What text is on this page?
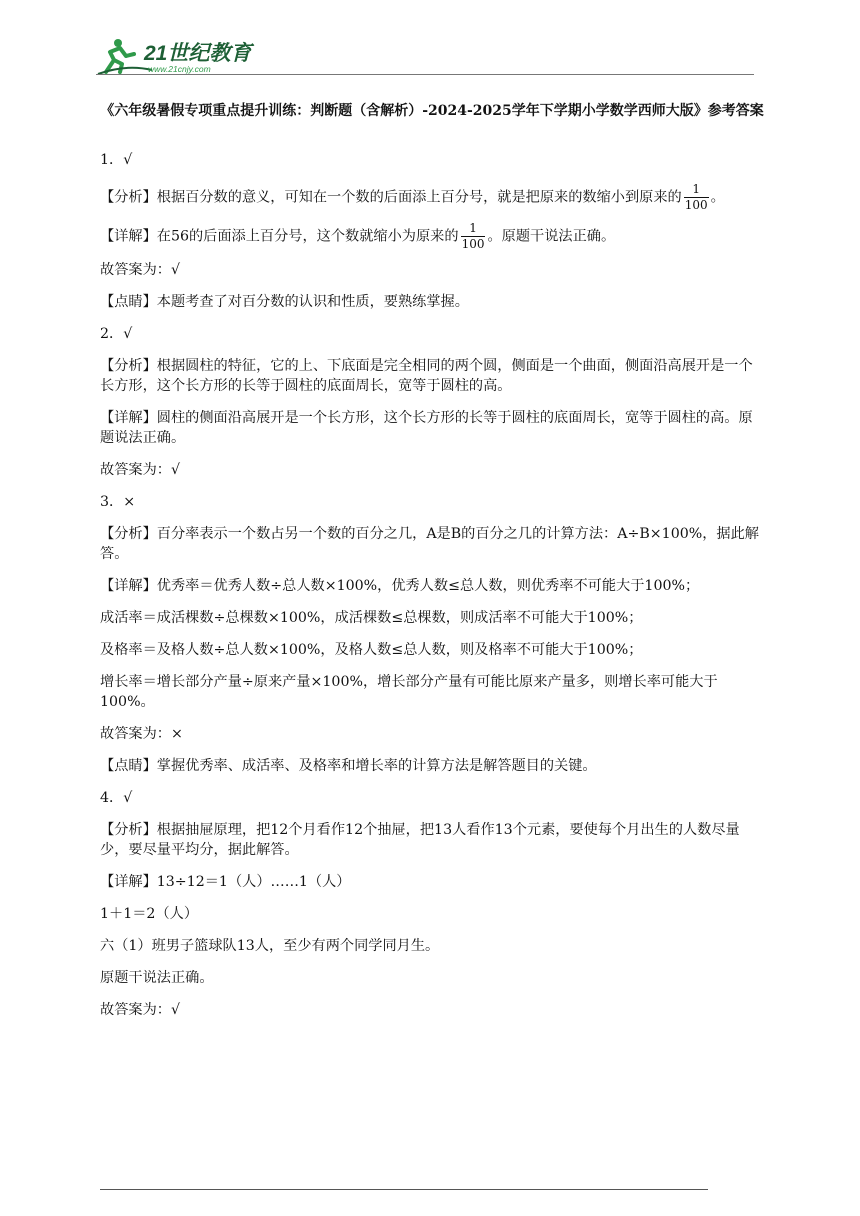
21世纪教育
www.21cnjy.com
《六年级暑假专项重点提升训练：判断题（含解析）-2024-2025学年下学期小学数学西师大版》参考答案

1．√

【分析】根据百分数的意义，可知在一个数的后面添上百分号，就是把原来的数缩小到原来的 $\frac{1}{100}$ 。

【详解】在56的后面添上百分号，这个数就缩小为原来的 $\frac{1}{100}$ 。原题干说法正确。

故答案为：√

【点睛】本题考查了对百分数的认识和性质，要熟练掌握。

2．√

【分析】根据圆柱的特征，它的上、下底面是完全相同的两个圆，侧面是一个曲面，侧面沿高展开是一个长方形，这个长方形的长等于圆柱的底面周长，宽等于圆柱的高。

【详解】圆柱的侧面沿高展开是一个长方形，这个长方形的长等于圆柱的底面周长，宽等于圆柱的高。原题说法正确。

故答案为：√

3．×

【分析】百分率表示一个数占另一个数的百分之几，A是B的百分之几的计算方法：A÷B×100%，据此解答。

【详解】优秀率＝优秀人数÷总人数×100%，优秀人数≤总人数，则优秀率不可能大于100%；

成活率＝成活棵数÷总棵数×100%，成活棵数≤总棵数，则成活率不可能大于100%；

及格率＝及格人数÷总人数×100%，及格人数≤总人数，则及格率不可能大于100%；

增长率＝增长部分产量÷原来产量×100%，增长部分产量有可能比原来产量多，则增长率可能大于100%。

故答案为：×

【点睛】掌握优秀率、成活率、及格率和增长率的计算方法是解答题目的关键。

4．√

【分析】根据抽屉原理，把12个月看作12个抽屉，把13人看作13个元素，要使每个月出生的人数尽量少，要尽量平均分，据此解答。

【详解】13÷12＝1（人）……1（人）

1＋1＝2（人）

六（1）班男子篮球队13人，至少有两个同学同月生。

原题干说法正确。

故答案为：√
